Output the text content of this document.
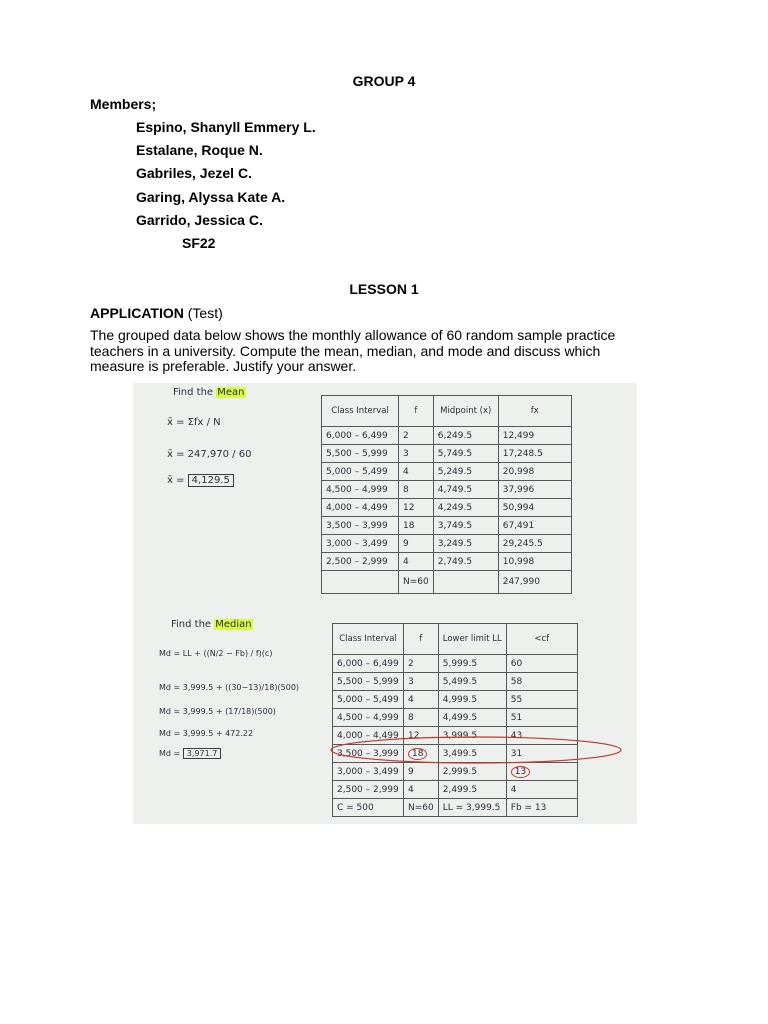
GROUP 4
Members;
Espino, Shanyll Emmery L.
Estalane, Roque N.
Gabriles, Jezel C.
Garing, Alyssa Kate A.
Garrido, Jessica C.
SF22
LESSON 1
APPLICATION (Test)
The grouped data below shows the monthly allowance of 60 random sample practice
teachers in a university. Compute the mean, median, and mode and discuss which
measure is preferable. Justify your answer.
Find the Mean
x̄ = Σfx / N
x̄ = 247,970 / 60
x̄ = 4,129.5
Class Interval	f	Midpoint (x)	fx
6,000 – 6,499	2	6,249.5	12,499
5,500 – 5,999	3	5,749.5	17,248.5
5,000 – 5,499	4	5,249.5	20,998
4,500 – 4,999	8	4,749.5	37,996
4,000 – 4,499	12	4,249.5	50,994
3,500 – 3,999	18	3,749.5	67,491
3,000 – 3,499	9	3,249.5	29,245.5
2,500 – 2,999	4	2,749.5	10,998
	N=60		247,990
Find the Median
Md = LL + ((N/2 − Fb) / f)(c)
Md = 3,999.5 + ((30−13)/18)(500)
Md = 3,999.5 + (17/18)(500)
Md = 3,999.5 + 472.22
Md = 3,971.7
Class Interval	f	Lower limit LL	<cf
6,000 – 6,499	2	5,999.5	60
5,500 – 5,999	3	5,499.5	58
5,000 – 5,499	4	4,999.5	55
4,500 – 4,999	8	4,499.5	51
4,000 – 4,499	12	3,999.5	43
3,500 – 3,999	18	3,499.5	31
3,000 – 3,499	9	2,999.5	13
2,500 – 2,999	4	2,499.5	4
C = 500	N=60	LL = 3,999.5	Fb = 13
